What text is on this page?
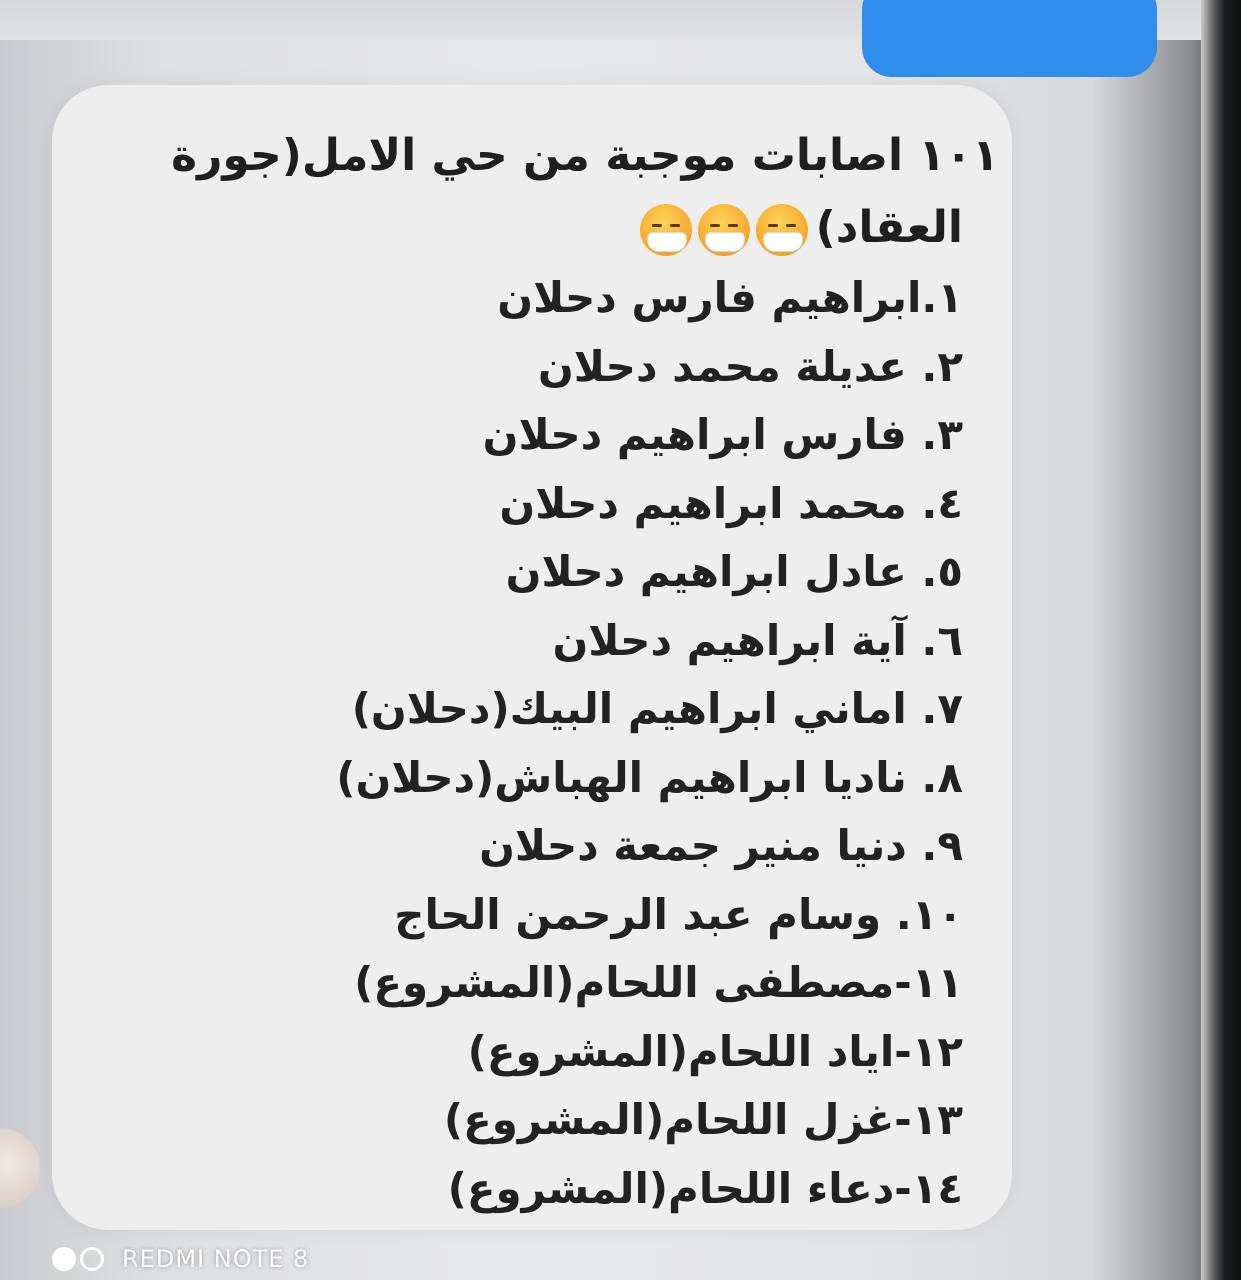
١٠١ اصابات موجبة من حي الامل(جورة

العقاد)

١.ابراهيم فارس دحلان
٢. عديلة محمد دحلان
٣. فارس ابراهيم دحلان
٤. محمد ابراهيم دحلان
٥. عادل ابراهيم دحلان
٦. آية ابراهيم دحلان
٧. اماني ابراهيم البيك(دحلان)
٨. ناديا ابراهيم الهباش(دحلان)
٩. دنيا منير جمعة دحلان
١٠. وسام عبد الرحمن الحاج
١١-مصطفى اللحام(المشروع)
١٢-اياد اللحام(المشروع)
١٣-غزل اللحام(المشروع)
١٤-دعاء اللحام(المشروع)
REDMI NOTE 8
